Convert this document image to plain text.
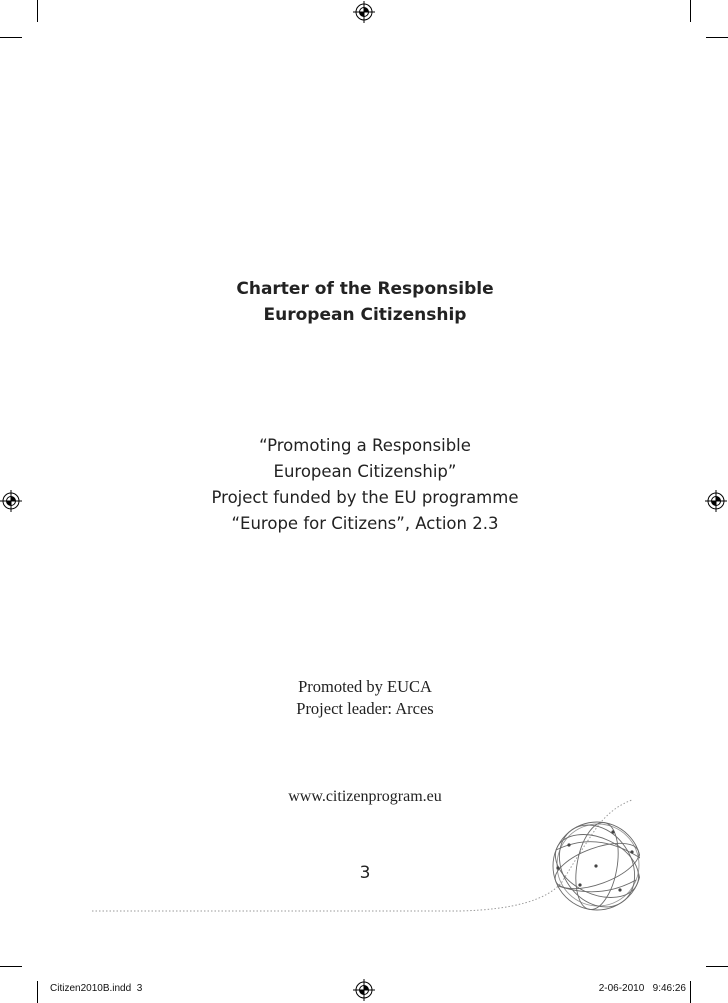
Charter of the Responsible
European Citizenship
“Promoting a Responsible
European Citizenship”
Project funded by the EU programme
“Europe for Citizens”, Action 2.3
Promoted by EUCA
Project leader: Arces
www.citizenprogram.eu
3
Citizen2010B.indd 3	2-06-2010   9:46:26
